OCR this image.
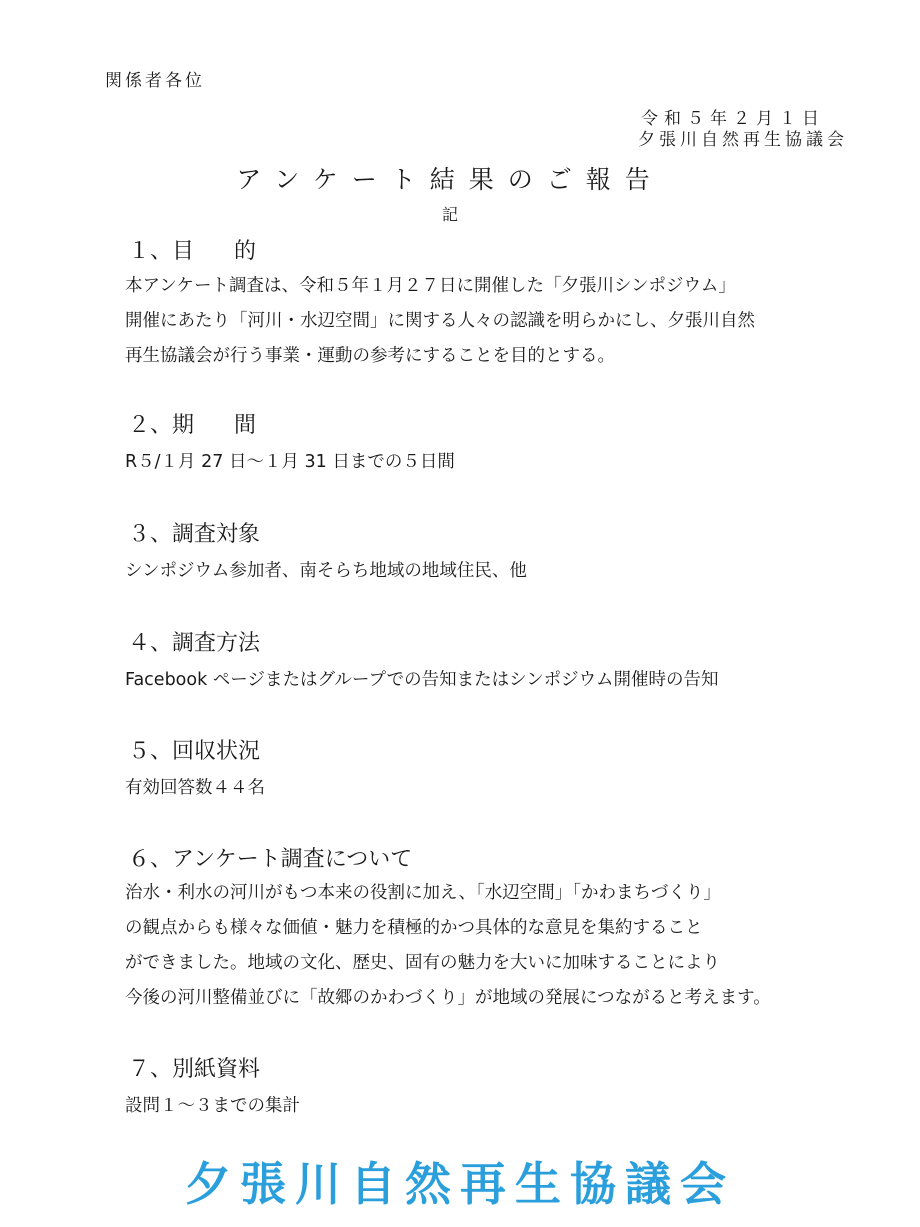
関係者各位
令和５年２月１日
夕張川自然再生協議会
アンケート結果のご報告
記
１、目 的
本アンケート調査は、令和５年１月２７日に開催した「夕張川シンポジウム」
開催にあたり「河川・水辺空間」に関する人々の認識を明らかにし、夕張川自然
再生協議会が行う事業・運動の参考にすることを目的とする。
２、期 間
R５/１月 27 日〜１月 31 日までの５日間
３、調査対象
シンポジウム参加者、南そらち地域の地域住民、他
４、調査方法
Facebook ページまたはグループでの告知またはシンポジウム開催時の告知
５、回収状況
有効回答数４４名
６、アンケート調査について
治水・利水の河川がもつ本来の役割に加え、「水辺空間」「かわまちづくり」
の観点からも様々な価値・魅力を積極的かつ具体的な意見を集約すること
ができました。地域の文化、歴史、固有の魅力を大いに加味することにより
今後の河川整備並びに「故郷のかわづくり」が地域の発展につながると考えます。
７、別紙資料
設問１〜３までの集計
夕張川自然再生協議会
